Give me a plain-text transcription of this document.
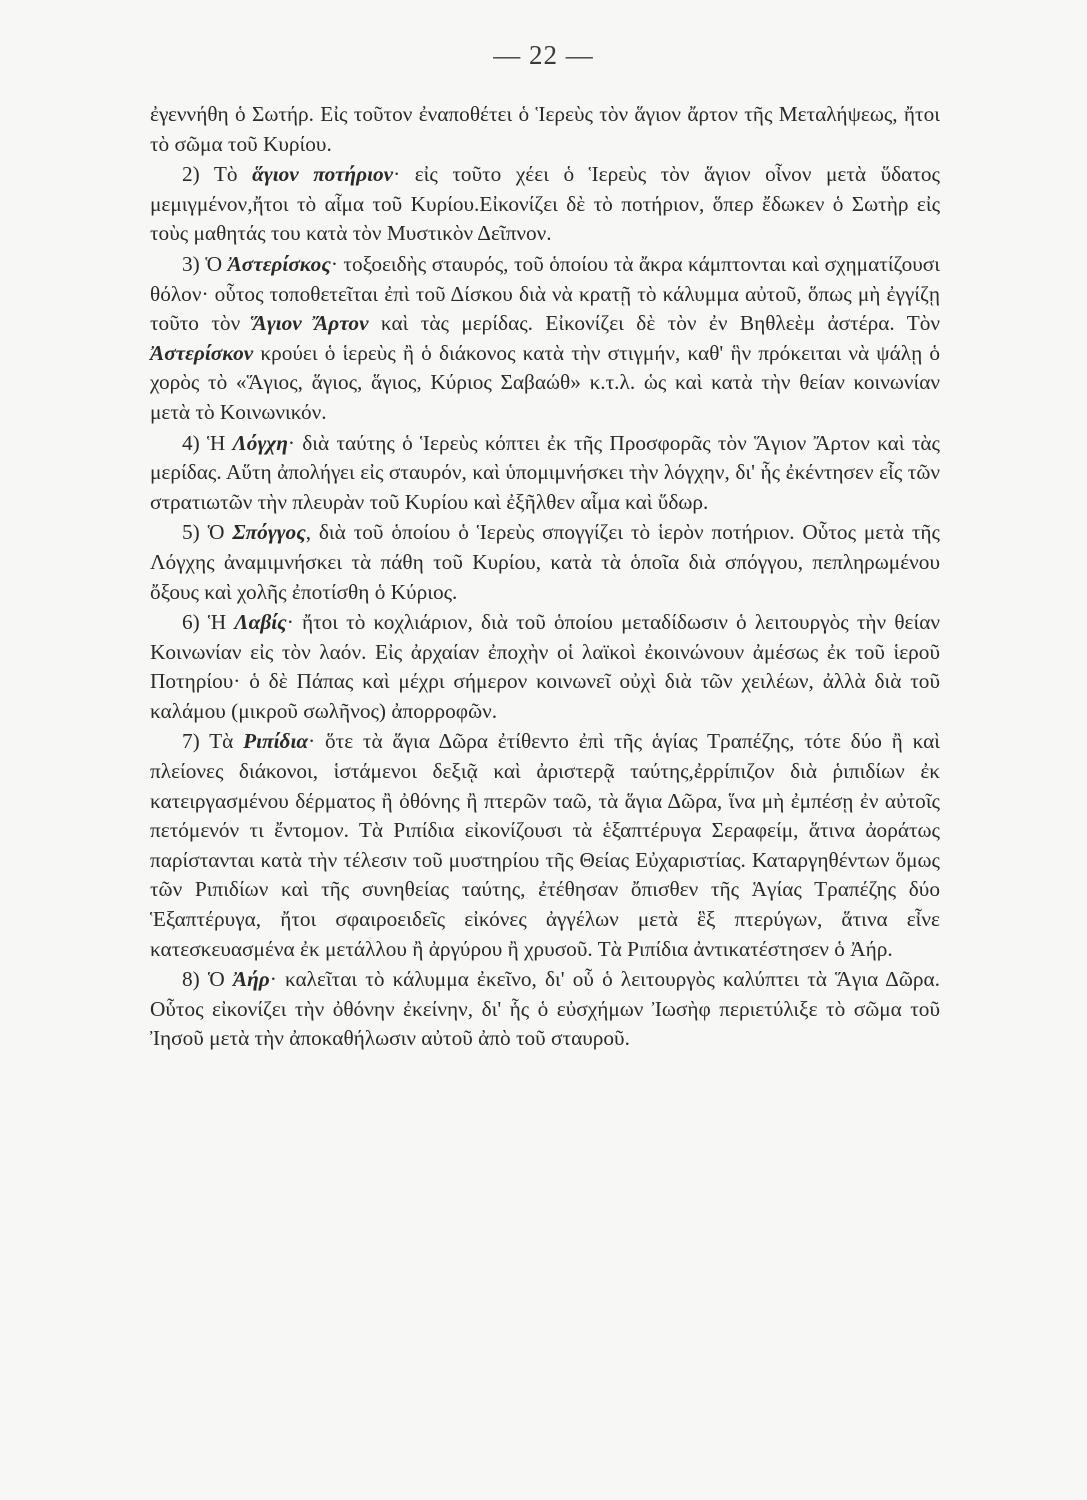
— 22 —

ἐγεννήθη ὁ Σωτήρ. Εἰς τοῦτον ἐναποθέτει ὁ Ἱερεὺς τὸν ἅγιον ἄρτον τῆς Μεταλήψεως, ἤτοι τὸ σῶμα τοῦ Κυρίου.

2) Τὸ ἅγιον ποτήριον· εἰς τοῦτο χέει ὁ Ἱερεὺς τὸν ἅγιον οἶνον μετὰ ὕδατος μεμιγμένον,ἤτοι τὸ αἷμα τοῦ Κυρίου.Εἰκονίζει δὲ τὸ ποτήριον, ὅπερ ἔδωκεν ὁ Σωτὴρ εἰς τοὺς μαθητάς του κατὰ τὸν Μυστικὸν Δεῖπνον.

3) Ὁ Ἀστερίσκος· τοξοειδὴς σταυρός, τοῦ ὁποίου τὰ ἄκρα κάμπτονται καὶ σχηματίζουσι θόλον· οὗτος τοποθετεῖται ἐπὶ τοῦ Δίσκου διὰ νὰ κρατῇ τὸ κάλυμμα αὐτοῦ, ὅπως μὴ ἐγγίζῃ τοῦτο τὸν Ἅγιον Ἄρτον καὶ τὰς μερίδας. Εἰκονίζει δὲ τὸν ἐν Βηθλεὲμ ἀστέρα. Τὸν Ἀστερίσκον κρούει ὁ ἱερεὺς ἢ ὁ διάκονος κατὰ τὴν στιγμήν, καθ' ἣν πρόκειται νὰ ψάλῃ ὁ χορὸς τὸ «Ἅγιος, ἅγιος, ἅγιος, Κύριος Σαβαώθ» κ.τ.λ. ὡς καὶ κατὰ τὴν θείαν κοινωνίαν μετὰ τὸ Κοινωνικόν.

4) Ἡ Λόγχη· διὰ ταύτης ὁ Ἱερεὺς κόπτει ἐκ τῆς Προσφορᾶς τὸν Ἅγιον Ἄρτον καὶ τὰς μερίδας. Αὕτη ἀπολήγει εἰς σταυρόν, καὶ ὑπομιμνήσκει τὴν λόγχην, δι' ἧς ἐκέντησεν εἷς τῶν στρατιωτῶν τὴν πλευρὰν τοῦ Κυρίου καὶ ἐξῆλθεν αἷμα καὶ ὕδωρ.

5) Ὁ Σπόγγος, διὰ τοῦ ὁποίου ὁ Ἱερεὺς σπογγίζει τὸ ἱερὸν ποτήριον. Οὗτος μετὰ τῆς Λόγχης ἀναμιμνήσκει τὰ πάθη τοῦ Κυρίου, κατὰ τὰ ὁποῖα διὰ σπόγγου, πεπληρωμένου ὄξους καὶ χολῆς ἐποτίσθη ὁ Κύριος.

6) Ἡ Λαβίς· ἤτοι τὸ κοχλιάριον, διὰ τοῦ ὁποίου μεταδίδωσιν ὁ λειτουργὸς τὴν θείαν Κοινωνίαν εἰς τὸν λαόν. Εἰς ἀρχαίαν ἐποχὴν οἱ λαϊκοὶ ἐκοινώνουν ἀμέσως ἐκ τοῦ ἱεροῦ Ποτηρίου· ὁ δὲ Πάπας καὶ μέχρι σήμερον κοινωνεῖ οὐχὶ διὰ τῶν χειλέων, ἀλλὰ διὰ τοῦ καλάμου (μικροῦ σωλῆνος) ἀπορροφῶν.

7) Τὰ Ριπίδια· ὅτε τὰ ἅγια Δῶρα ἐτίθεντο ἐπὶ τῆς ἁγίας Τραπέζης, τότε δύο ἢ καὶ πλείονες διάκονοι, ἱστάμενοι δεξιᾷ καὶ ἀριστερᾷ ταύτης,ἐρρίπιζον διὰ ῥιπιδίων ἐκ κατειργασμένου δέρματος ἢ ὀθόνης ἢ πτερῶν ταῶ, τὰ ἅγια Δῶρα, ἵνα μὴ ἐμπέσῃ ἐν αὐτοῖς πετόμενόν τι ἔντομον. Τὰ Ριπίδια εἰκονίζουσι τὰ ἑξαπτέρυγα Σεραφείμ, ἅτινα ἀοράτως παρίστανται κατὰ τὴν τέλεσιν τοῦ μυστηρίου τῆς Θείας Εὐχαριστίας. Καταργηθέντων ὅμως τῶν Ριπιδίων καὶ τῆς συνηθείας ταύτης, ἐτέθησαν ὄπισθεν τῆς Ἁγίας Τραπέζης δύο Ἑξαπτέρυγα, ἤτοι σφαιροειδεῖς εἰκόνες ἀγγέλων μετὰ ἓξ πτερύγων, ἅτινα εἶνε κατεσκευασμένα ἐκ μετάλλου ἢ ἀργύρου ἢ χρυσοῦ. Τὰ Ριπίδια ἀντικατέστησεν ὁ Ἀήρ.

8) Ὁ Ἀήρ· καλεῖται τὸ κάλυμμα ἐκεῖνο, δι' οὗ ὁ λειτουργὸς καλύπτει τὰ Ἅγια Δῶρα. Οὗτος εἰκονίζει τὴν ὀθόνην ἐκείνην, δι' ἧς ὁ εὐσχήμων Ἰωσὴφ περιετύλιξε τὸ σῶμα τοῦ Ἰησοῦ μετὰ τὴν ἀποκαθήλωσιν αὐτοῦ ἀπὸ τοῦ σταυροῦ.
